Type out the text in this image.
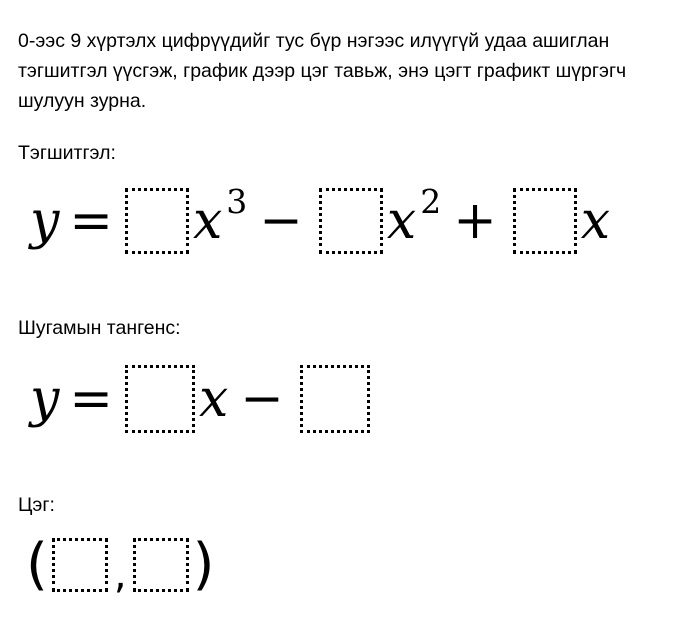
0-ээс 9 хүртэлх цифрүүдийг тус бүр нэгээс илүүгүй удаа ашиглан тэгшитгэл үүсгэж, график дээр цэг тавьж, энэ цэгт графикт шүргэгч шулуун зурна.

Тэгшитгэл:

y = x 3 − x 2 + x

Шугамын тангенс:

y = x −

Цэг:

( , )
